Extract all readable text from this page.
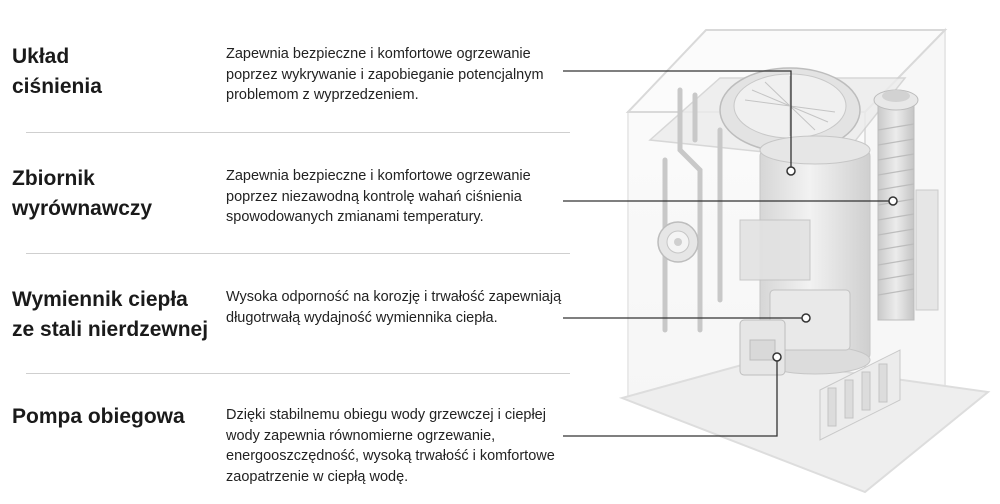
Układ
ciśnienia
Zapewnia bezpieczne i komfortowe ogrzewanie poprzez wykrywanie i zapobieganie potencjalnym problemom z wyprzedzeniem.
Zbiornik
wyrównawczy
Zapewnia bezpieczne i komfortowe ogrzewanie poprzez niezawodną kontrolę wahań ciśnienia spowodowanych zmianami temperatury.
Wymiennik ciepła
ze stali nierdzewnej
Wysoka odporność na korozję i trwałość zapewniają długotrwałą wydajność wymiennika ciepła.
Pompa obiegowa	Dzięki stabilnemu obiegu wody grzewczej i ciepłej wody zapewnia równomierne ogrzewanie, energooszczędność, wysoką trwałość i komfortowe zaopatrzenie w ciepłą wodę.
